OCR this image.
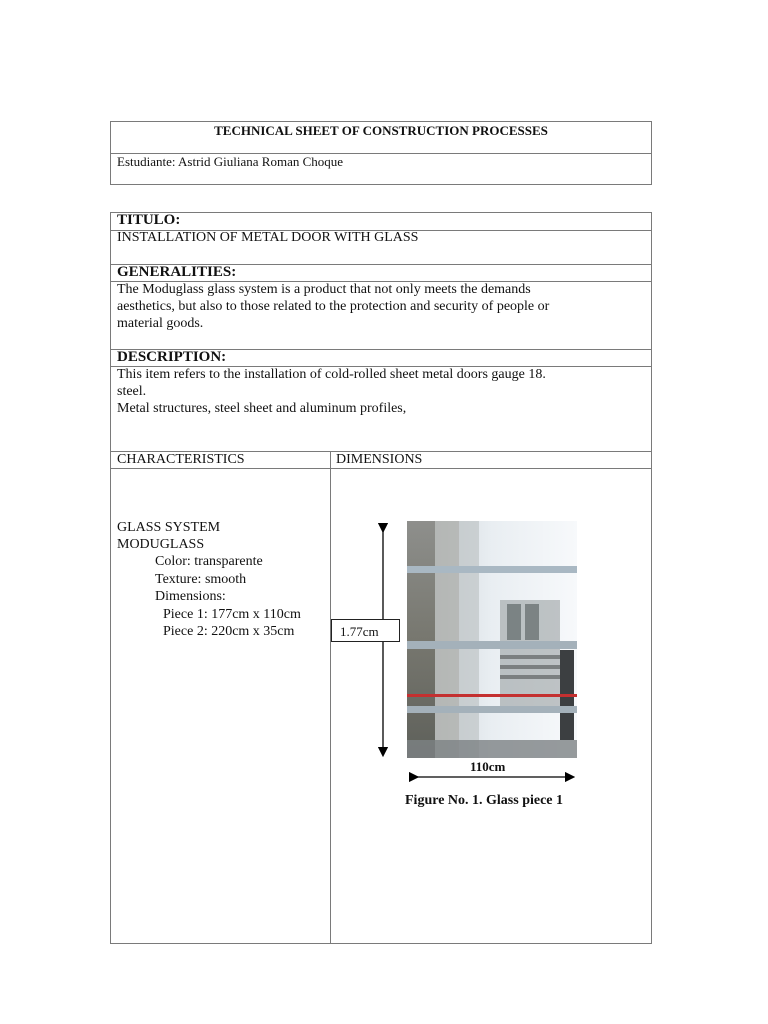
TECHNICAL SHEET OF CONSTRUCTION PROCESSES
Estudiante: Astrid Giuliana Roman Choque
TITULO:
INSTALLATION OF METAL DOOR WITH GLASS
GENERALITIES:
The Moduglass glass system is a product that not only meets the demands
aesthetics, but also to those related to the protection and security of people or
material goods.
DESCRIPTION:
This item refers to the installation of cold-rolled sheet metal doors gauge 18.
steel.
Metal structures, steel sheet and aluminum profiles,
CHARACTERISTICS	DIMENSIONS
GLASS SYSTEM
MODUGLASS
Color: transparente
Texture: smooth
Dimensions:
Piece 1: 177cm x 110cm
Piece 2: 220cm x 35cm	1.77cm
110cm
Figure No. 1. Glass piece 1
